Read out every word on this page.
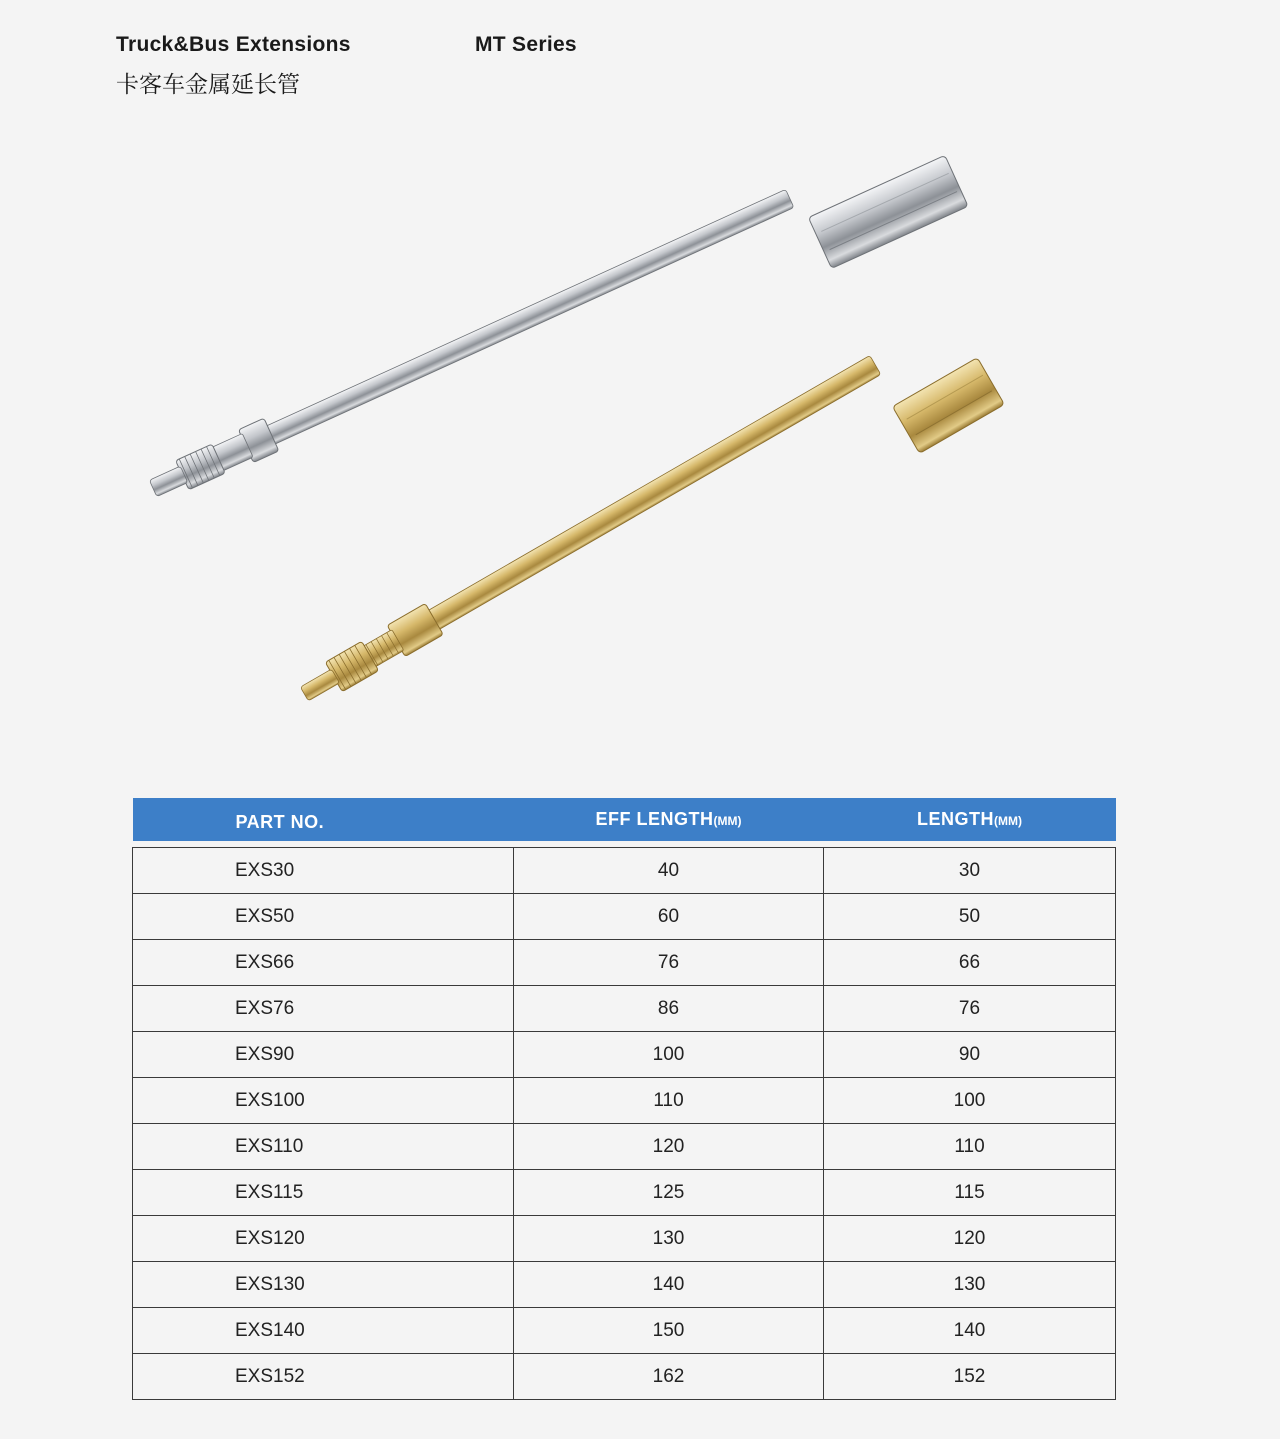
Truck&Bus Extensions	MT Series
卡客车金属延长管
PART NO.	EFF LENGTH(MM)	LENGTH(MM)

EXS30	40	30
EXS50	60	50
EXS66	76	66
EXS76	86	76
EXS90	100	90
EXS100	110	100
EXS110	120	110
EXS115	125	115
EXS120	130	120
EXS130	140	130
EXS140	150	140
EXS152	162	152
